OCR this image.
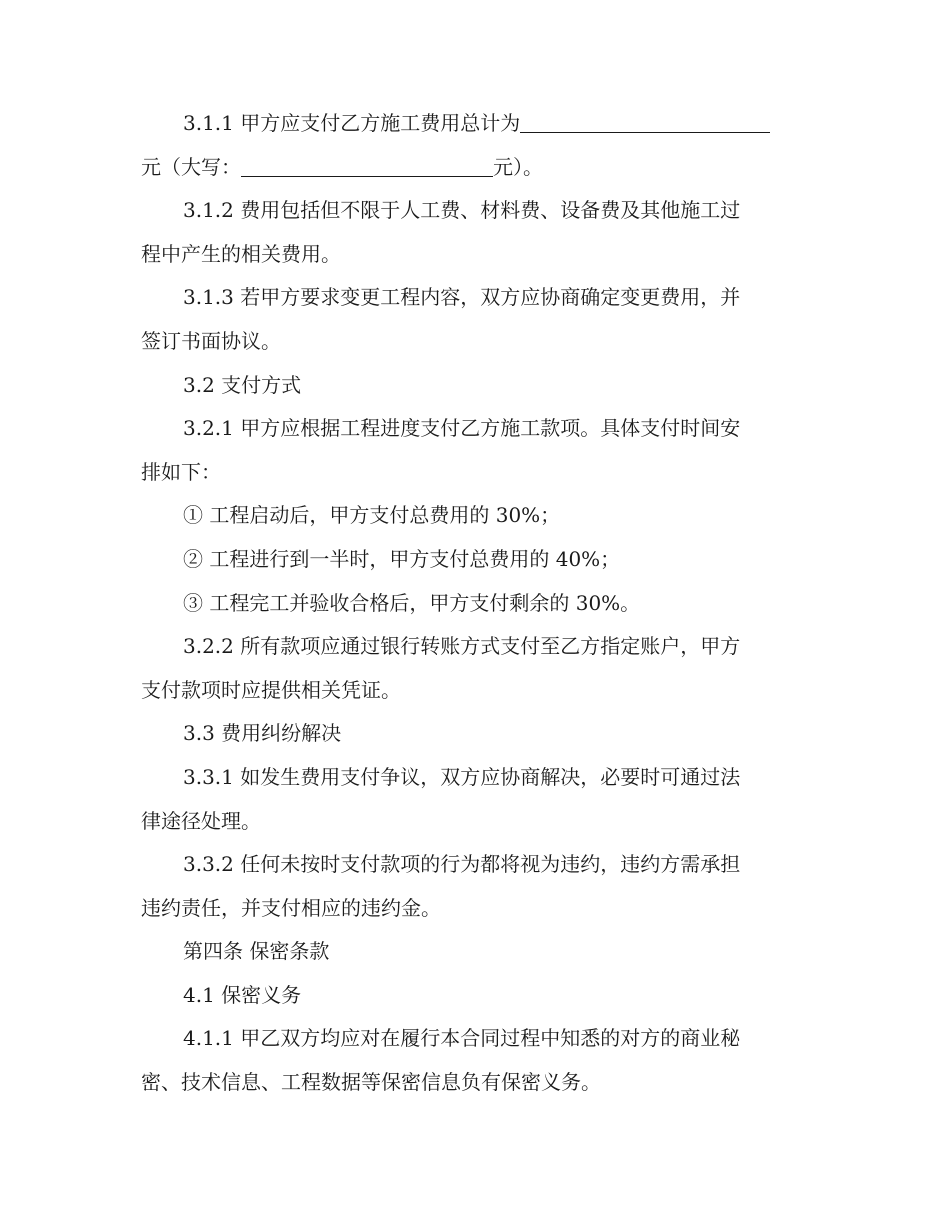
3.1.1 甲方应支付乙方施工费用总计为

元（大写：	元）。

3.1.2 费用包括但不限于人工费、材料费、设备费及其他施工过

程中产生的相关费用。

3.1.3 若甲方要求变更工程内容，双方应协商确定变更费用，并

签订书面协议。

3.2 支付方式

3.2.1 甲方应根据工程进度支付乙方施工款项。具体支付时间安

排如下：

① 工程启动后，甲方支付总费用的 30%；

② 工程进行到一半时，甲方支付总费用的 40%；

③ 工程完工并验收合格后，甲方支付剩余的 30%。

3.2.2 所有款项应通过银行转账方式支付至乙方指定账户，甲方

支付款项时应提供相关凭证。

3.3 费用纠纷解决

3.3.1 如发生费用支付争议，双方应协商解决，必要时可通过法

律途径处理。

3.3.2 任何未按时支付款项的行为都将视为违约，违约方需承担

违约责任，并支付相应的违约金。

第四条 保密条款

4.1 保密义务

4.1.1 甲乙双方均应对在履行本合同过程中知悉的对方的商业秘

密、技术信息、工程数据等保密信息负有保密义务。
